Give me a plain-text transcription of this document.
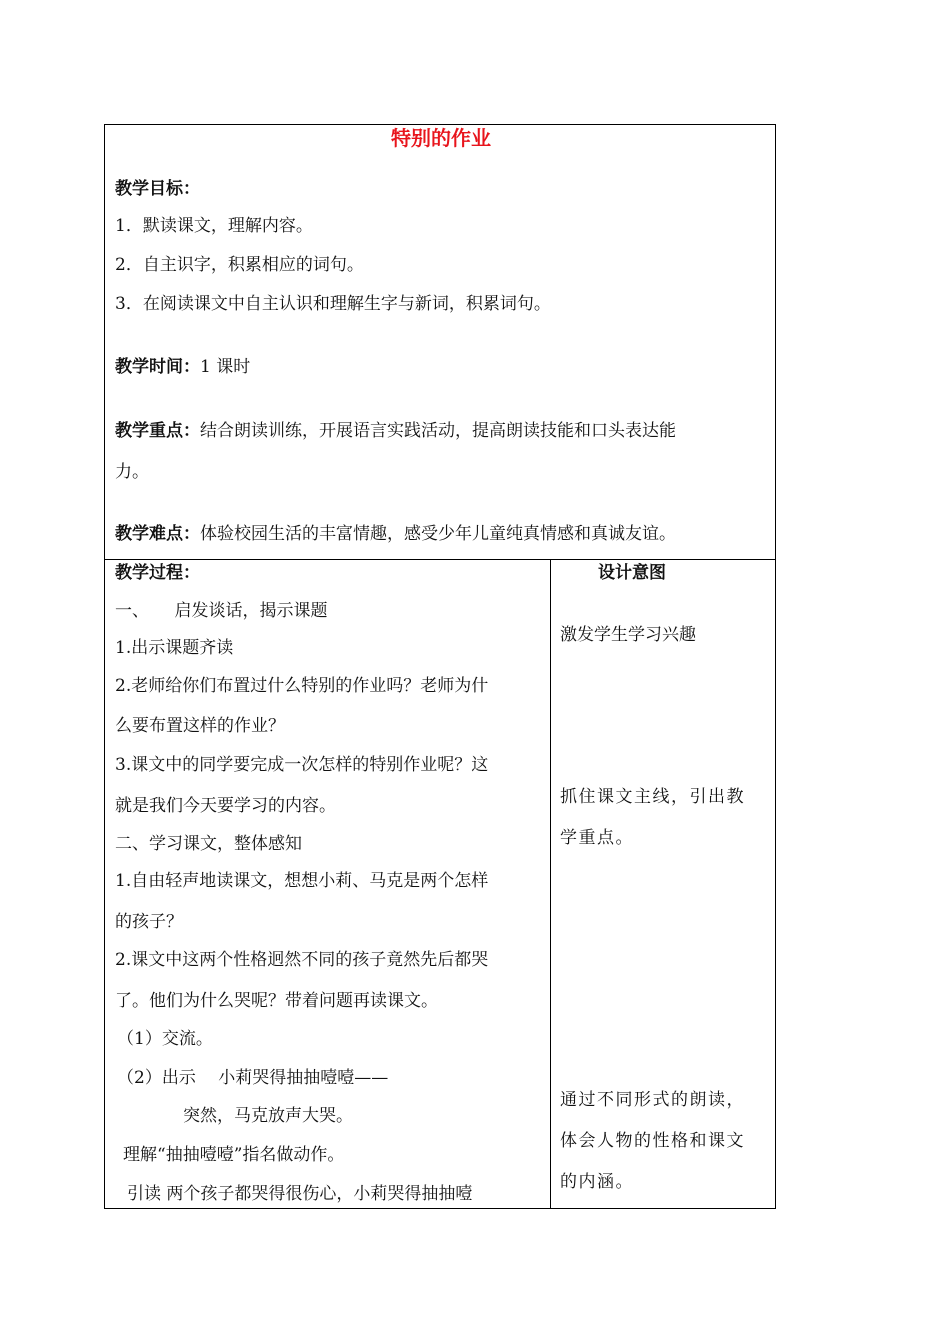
特别的作业
教学目标：
1．默读课文，理解内容。
2．自主识字，积累相应的词句。
3．在阅读课文中自主认识和理解生字与新词，积累词句。
教学时间：1 课时
教学重点：结合朗读训练，开展语言实践活动，提高朗读技能和口头表达能
力。
教学难点：体验校园生活的丰富情趣，感受少年儿童纯真情感和真诚友谊。
教学过程：
一、　　启发谈话，揭示课题
1.出示课题齐读
2.老师给你们布置过什么特别的作业吗？老师为什
么要布置这样的作业？
3.课文中的同学要完成一次怎样的特别作业呢？这
就是我们今天要学习的内容。
二、学习课文，整体感知
1.自由轻声地读课文，想想小莉、马克是两个怎样
的孩子？
2.课文中这两个性格迥然不同的孩子竟然先后都哭
了。他们为什么哭呢？带着问题再读课文。
（1）交流。
（2）出示　 小莉哭得抽抽噎噎——
突然，马克放声大哭。
理解“抽抽噎噎”指名做动作。
引读 两个孩子都哭得很伤心，小莉哭得抽抽噎
设计意图
激发学生学习兴趣
抓住课文主线，引出教
学重点。
通过不同形式的朗读，
体会人物的性格和课文
的内涵。
